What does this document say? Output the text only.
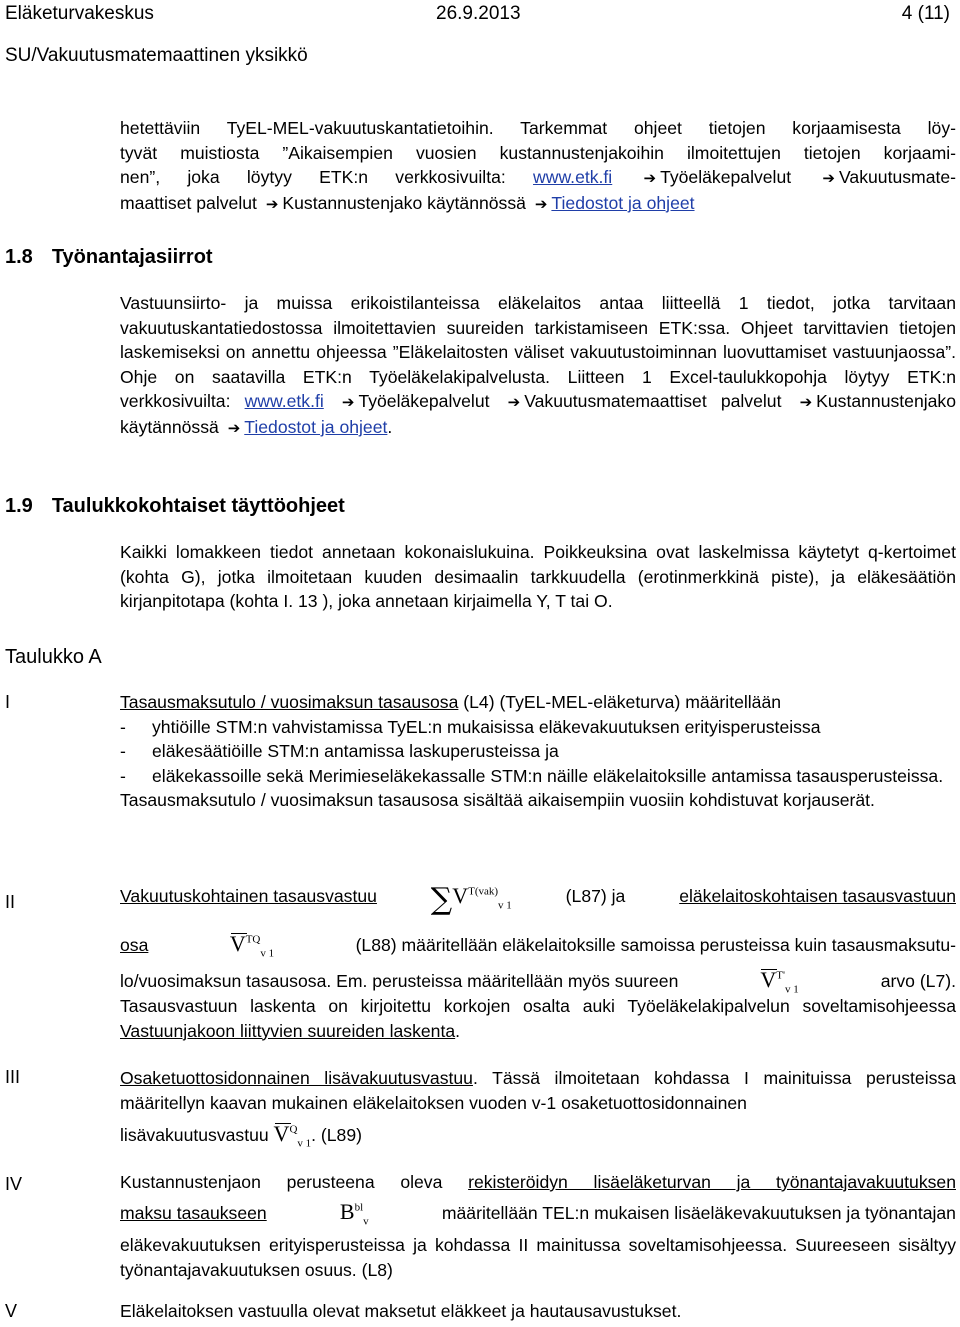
Eläketurvakeskus	26.9.2013	4 (11)
SU/Vakuutusmatemaattinen yksikkö
hetettäviin TyEL-MEL-vakuutuskantatietoihin. Tarkemmat ohjeet tietojen korjaamisesta löy-
tyvät muistiosta ”Aikaisempien vuosien kustannustenjakoihin ilmoitettujen tietojen korjaami-
nen”, joka löytyy ETK:n verkkosivuilta: www.etk.fi ➔ Työeläkepalvelut ➔ Vakuutusmate-
maattiset palvelut ➔ Kustannustenjako käytännössä ➔ Tiedostot ja ohjeet
1.8 Työnantajasiirrot
Vastuunsiirto- ja muissa erikoistilanteissa eläkelaitos antaa liitteellä 1 tiedot, jotka tarvitaan vakuutuskantatiedostossa ilmoitettavien suureiden tarkistamiseen ETK:ssa. Ohjeet tarvittavien tietojen laskemiseksi on annettu ohjeessa ”Eläkelaitosten väliset vakuutustoiminnan luovuttamiset vastuunjaossa”. Ohje on saatavilla ETK:n Työeläkelakipalvelusta. Liitteen 1 Excel-taulukkopohja löytyy ETK:n verkkosivuilta: www.etk.fi ➔ Työeläkepalvelut ➔ Vakuutusmatemaattiset palvelut ➔ Kustannustenjako käytännössä ➔ Tiedostot ja ohjeet.
1.9 Taulukkokohtaiset täyttöohjeet
Kaikki lomakkeen tiedot annetaan kokonaislukuina. Poikkeuksina ovat laskelmissa käytetyt q-kertoimet (kohta G), jotka ilmoitetaan kuuden desimaalin tarkkuudella (erotinmerkkinä piste), ja eläkesäätiön kirjanpitotapa (kohta I. 13 ), joka annetaan kirjaimella Y, T tai O.
Taulukko A
I	Tasausmaksutulo / vuosimaksun tasausosa (L4) (TyEL-MEL-eläketurva) määritellään
-	yhtiöille STM:n vahvistamissa TyEL:n mukaisissa eläkevakuutuksen erityisperusteissa
-	eläkesäätiöille STM:n antamissa laskuperusteissa ja
-	eläkekassoille sekä Merimieseläkekassalle STM:n näille eläkelaitoksille antamissa tasausperusteissa.
Tasausmaksutulo / vuosimaksun tasausosa sisältää aikaisempiin vuosiin kohdistuvat korjauserät.
II	Vakuutuskohtainen tasausvastuu $\sum V^{T(vak)}_{v 1}$	(L87) ja	eläkelaitoskohtaisen tasausvastuun
osa	$V^{TQ}_{v 1}$	(L88) määritellään eläkelaitoksille samoissa perusteissa kuin tasausmaksutu-
lo/vuosimaksun tasausosa. Em. perusteissa määritellään myös suureen	$V^{T'}_{v 1}$	arvo (L7).
Tasausvastuun laskenta on kirjoitettu korkojen osalta auki Työeläkelakipalvelun soveltamisohjeessa Vastuunjakoon liittyvien suureiden laskenta.
III	Osaketuottosidonnainen lisävakuutusvastuu. Tässä ilmoitetaan kohdassa I mainituissa perusteissa määritellyn kaavan mukainen eläkelaitoksen vuoden v-1 osaketuottosidonnainen
lisävakuutusvastuu $V^Q_{v 1}$. (L89)
IV	Kustannustenjaon perusteena oleva rekisteröidyn lisäeläketurvan ja työnantajavakuutuksen
maksu tasaukseen	$B^{bl}_v$	määritellään TEL:n mukaisen lisäeläkevakuutuksen ja työnantajan
eläkevakuutuksen erityisperusteissa ja kohdassa II mainitussa soveltamisohjeessa. Suureeseen sisältyy työnantajavakuutuksen osuus. (L8)
V	Eläkelaitoksen vastuulla olevat maksetut eläkkeet ja hautausavustukset.
